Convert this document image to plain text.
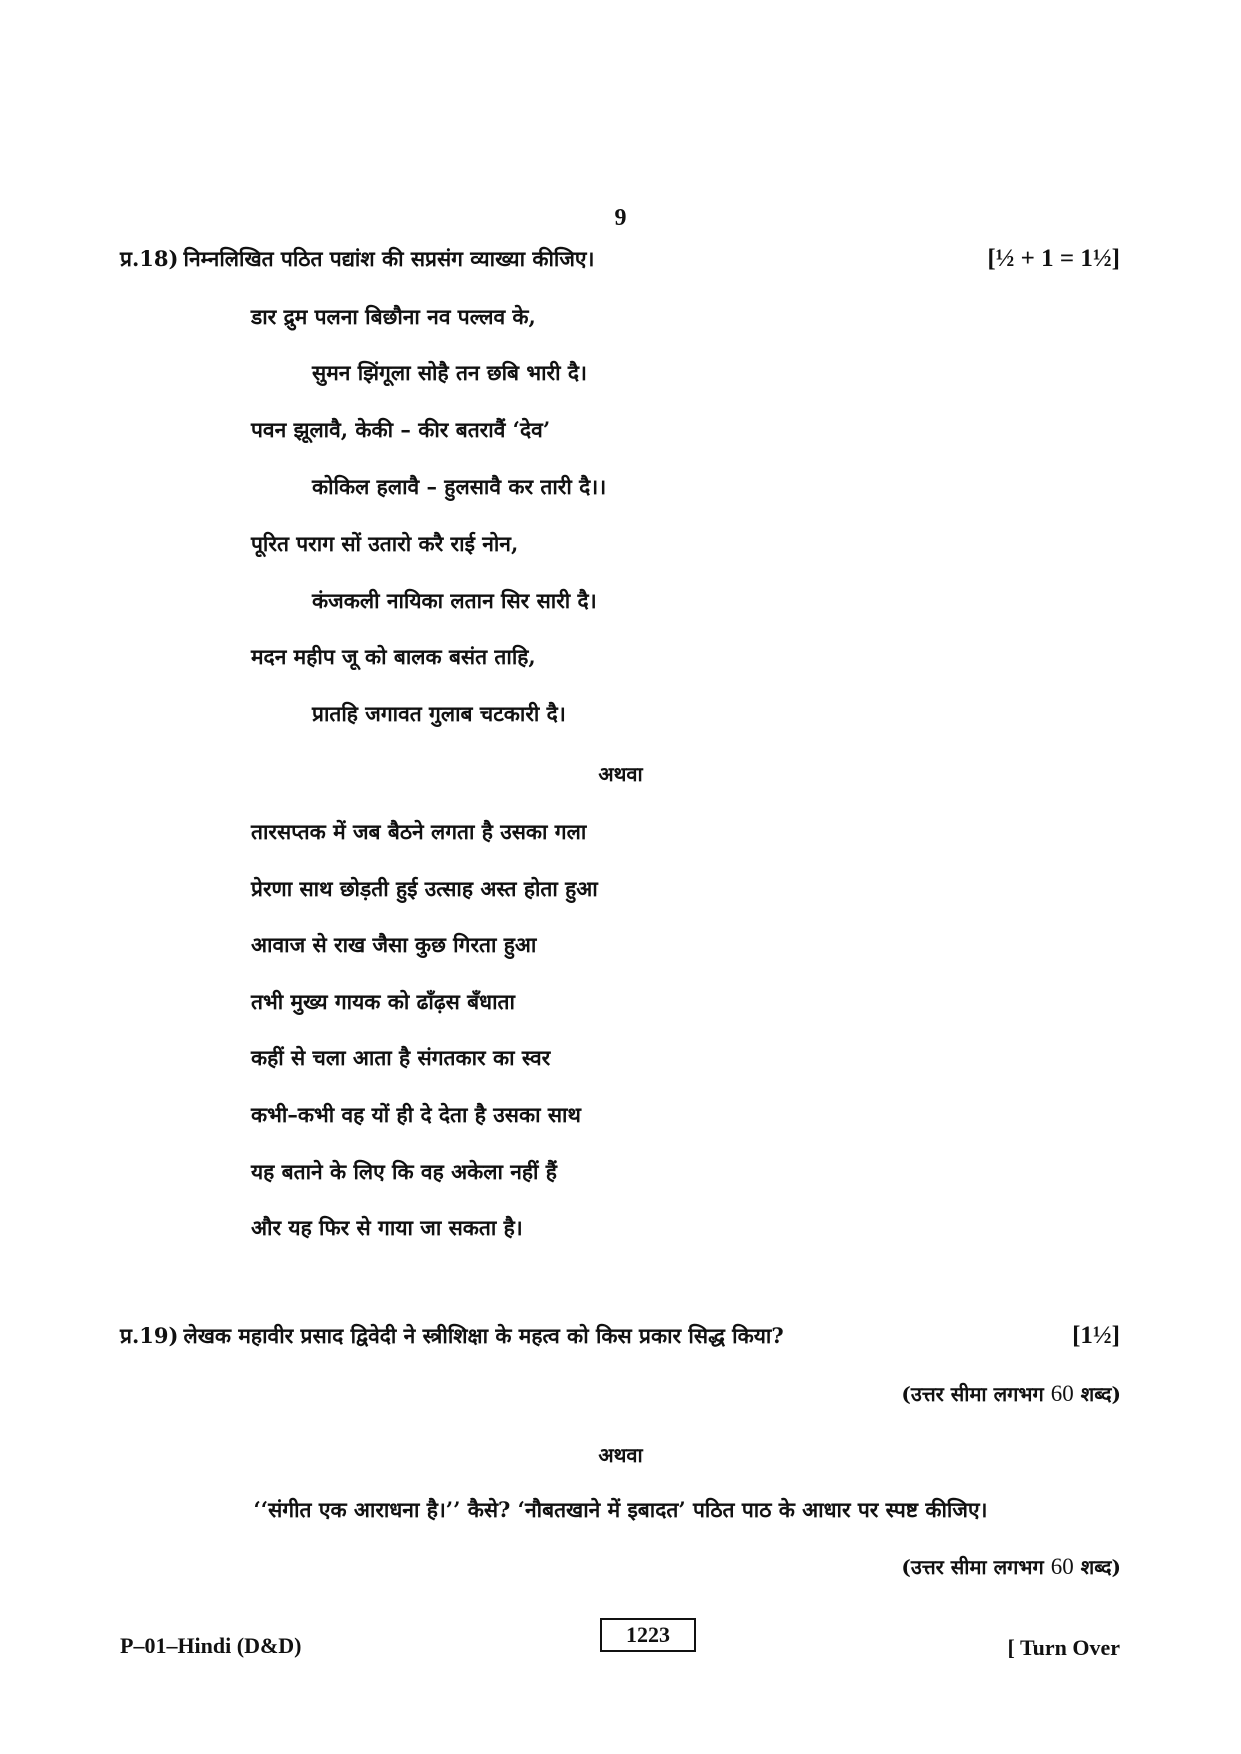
9
प्र.18) निम्नलिखित पठित पद्यांश की सप्रसंग व्याख्या कीजिए।	[½ + 1 = 1½]
डार द्रुम पलना बिछौना नव पल्लव के,
सुमन झिंगूला सोहै तन छबि भारी दै।
पवन झूलावै, केकी – कीर बतरावैं ‘देव’
कोकिल हलावै – हुलसावै कर तारी दै।।
पूरित पराग सों उतारो करै राई नोन,
कंजकली नायिका लतान सिर सारी दै।
मदन महीप जू को बालक बसंत ताहि,
प्रातहि जगावत गुलाब चटकारी दै।
अथवा
तारसप्तक में जब बैठने लगता है उसका गला
प्रेरणा साथ छोड़ती हुई उत्साह अस्त होता हुआ
आवाज से राख जैसा कुछ गिरता हुआ
तभी मुख्य गायक को ढाँढ़स बँधाता
कहीं से चला आता है संगतकार का स्वर
कभी–कभी वह यों ही दे देता है उसका साथ
यह बताने के लिए कि वह अकेला नहीं हैं
और यह फिर से गाया जा सकता है।
प्र.19) लेखक महावीर प्रसाद द्विवेदी ने स्त्रीशिक्षा के महत्व को किस प्रकार सिद्ध किया?	[1½]
(उत्तर सीमा लगभग 60 शब्द)
अथवा
‘‘संगीत एक आराधना है।’’ कैसे? ‘नौबतखाने में इबादत’ पठित पाठ के आधार पर स्पष्ट कीजिए।
(उत्तर सीमा लगभग 60 शब्द)
P–01–Hindi (D&D)	1223
[ Turn Over
